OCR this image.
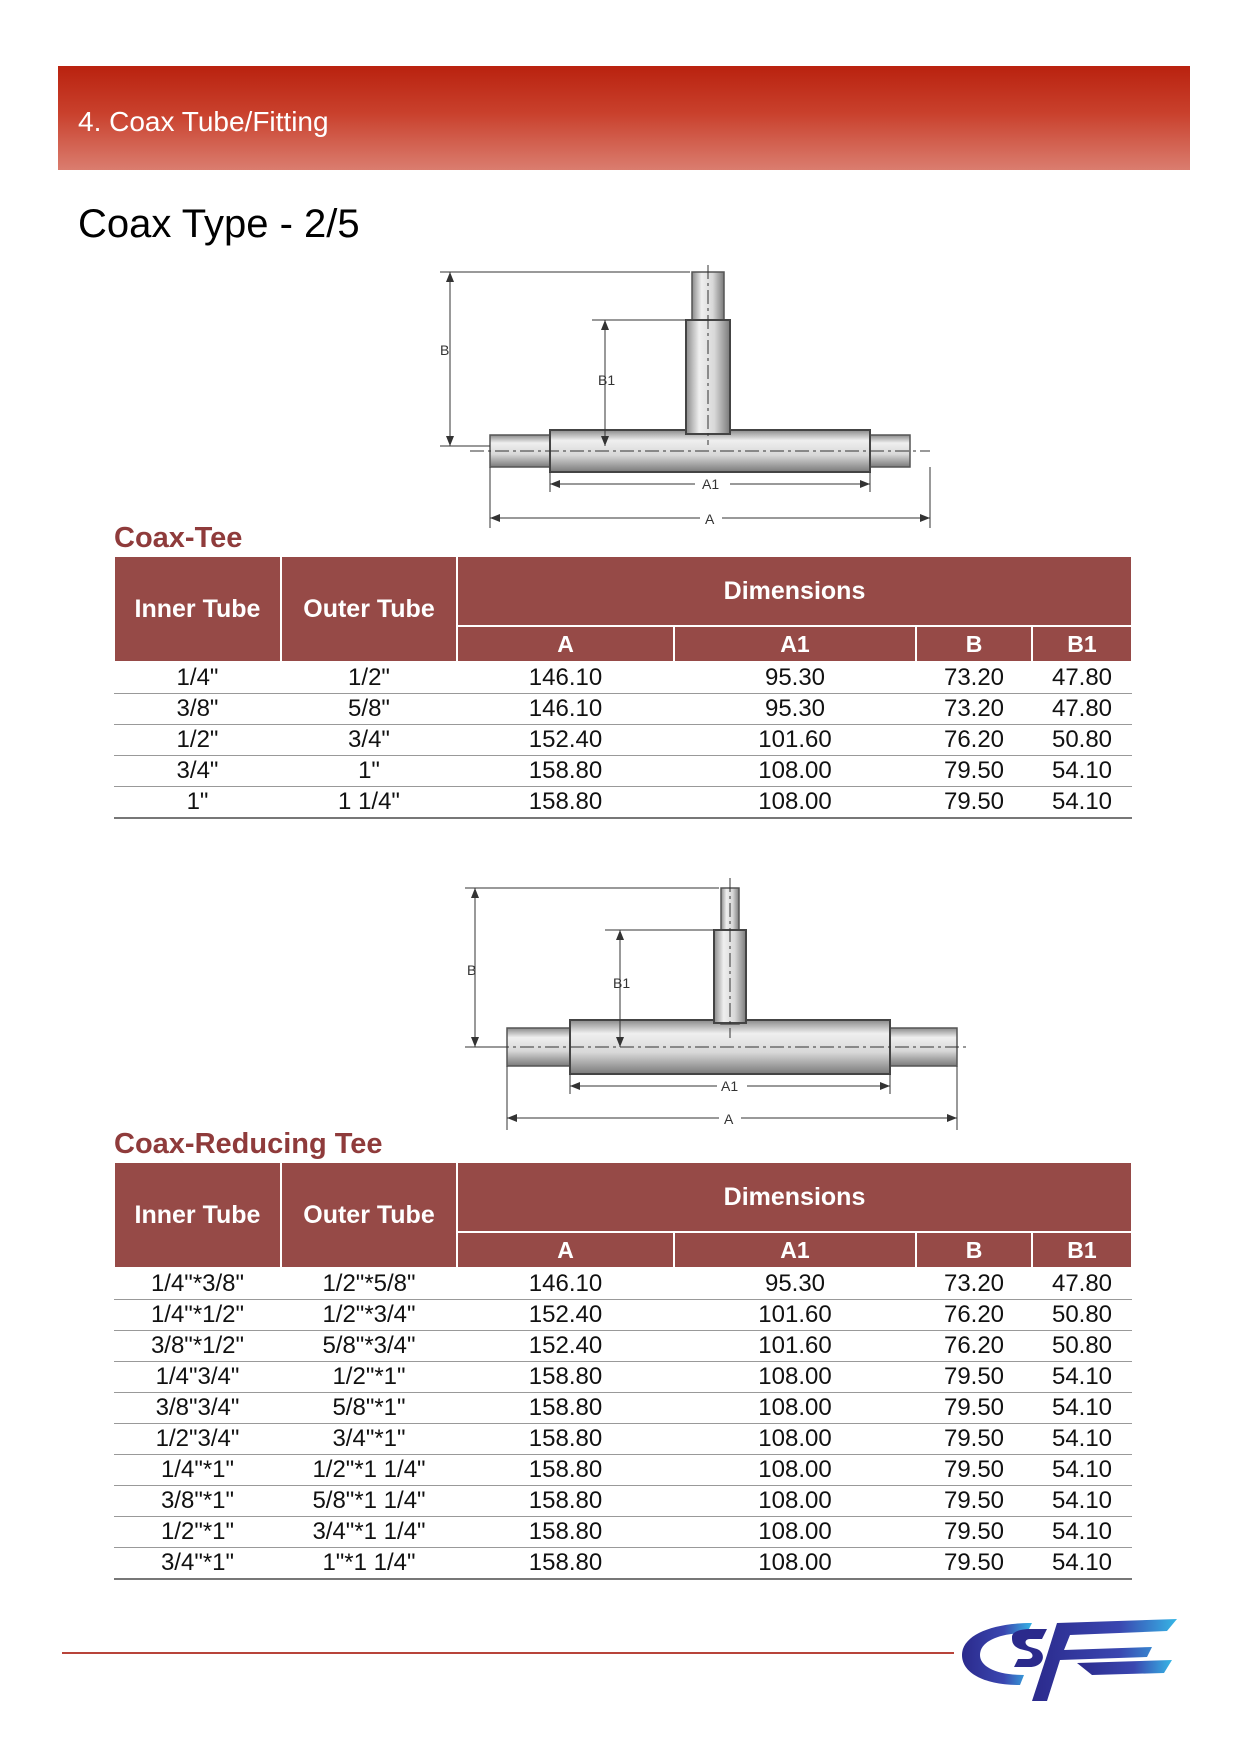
4. Coax Tube/Fitting
Coax Type - 2/5
B
B1
A1
A
Coax-Tee
Inner Tube	Outer Tube	Dimensions			
		A	A1	B	B1
1/4"	1/2"	146.10	95.30	73.20	47.80
3/8"	5/8"	146.10	95.30	73.20	47.80
1/2"	3/4"	152.40	101.60	76.20	50.80
3/4"	1"	158.80	108.00	79.50	54.10
1"	1 1/4"	158.80	108.00	79.50	54.10
B
B1
A1
A
Coax-Reducing Tee
Inner Tube	Outer Tube	Dimensions			
		A	A1	B	B1
1/4"*3/8"	1/2"*5/8"	146.10	95.30	73.20	47.80
1/4"*1/2"	1/2"*3/4"	152.40	101.60	76.20	50.80
3/8"*1/2"	5/8"*3/4"	152.40	101.60	76.20	50.80
1/4"3/4"	1/2"*1"	158.80	108.00	79.50	54.10
3/8"3/4"	5/8"*1"	158.80	108.00	79.50	54.10
1/2"3/4"	3/4"*1"	158.80	108.00	79.50	54.10
1/4"*1"	1/2"*1 1/4"	158.80	108.00	79.50	54.10
3/8"*1"	5/8"*1 1/4"	158.80	108.00	79.50	54.10
1/2"*1"	3/4"*1 1/4"	158.80	108.00	79.50	54.10
3/4"*1"	1"*1 1/4"	158.80	108.00	79.50	54.10
